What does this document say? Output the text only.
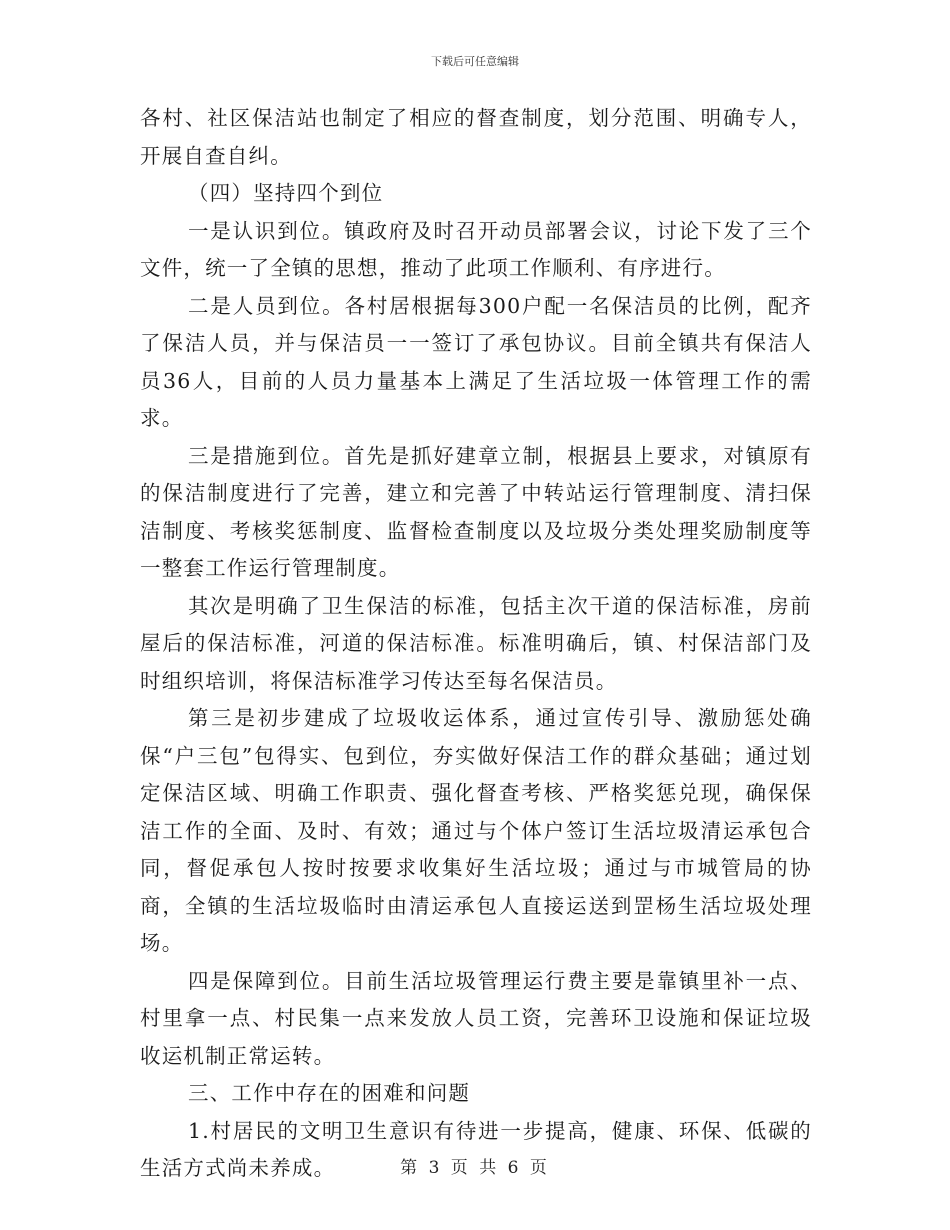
下载后可任意编辑

各村、社区保洁站也制定了相应的督查制度，划分范围、明确专人，开展自查自纠。

（四）坚持四个到位

一是认识到位。镇政府及时召开动员部署会议，讨论下发了三个文件，统一了全镇的思想，推动了此项工作顺利、有序进行。

二是人员到位。各村居根据每300户配一名保洁员的比例，配齐了保洁人员，并与保洁员一一签订了承包协议。目前全镇共有保洁人员36人，目前的人员力量基本上满足了生活垃圾一体管理工作的需求。

三是措施到位。首先是抓好建章立制，根据县上要求，对镇原有的保洁制度进行了完善，建立和完善了中转站运行管理制度、清扫保洁制度、考核奖惩制度、监督检查制度以及垃圾分类处理奖励制度等一整套工作运行管理制度。

其次是明确了卫生保洁的标准，包括主次干道的保洁标准，房前屋后的保洁标准，河道的保洁标准。标准明确后，镇、村保洁部门及时组织培训，将保洁标准学习传达至每名保洁员。

第三是初步建成了垃圾收运体系，通过宣传引导、激励惩处确保“户三包”包得实、包到位，夯实做好保洁工作的群众基础；通过划定保洁区域、明确工作职责、强化督查考核、严格奖惩兑现，确保保洁工作的全面、及时、有效；通过与个体户签订生活垃圾清运承包合同，督促承包人按时按要求收集好生活垃圾；通过与市城管局的协商，全镇的生活垃圾临时由清运承包人直接运送到罡杨生活垃圾处理场。

四是保障到位。目前生活垃圾管理运行费主要是靠镇里补一点、村里拿一点、村民集一点来发放人员工资，完善环卫设施和保证垃圾收运机制正常运转。

三、工作中存在的困难和问题

1.村居民的文明卫生意识有待进一步提高，健康、环保、低碳的生活方式尚未养成。	第 3 页 共 6 页
